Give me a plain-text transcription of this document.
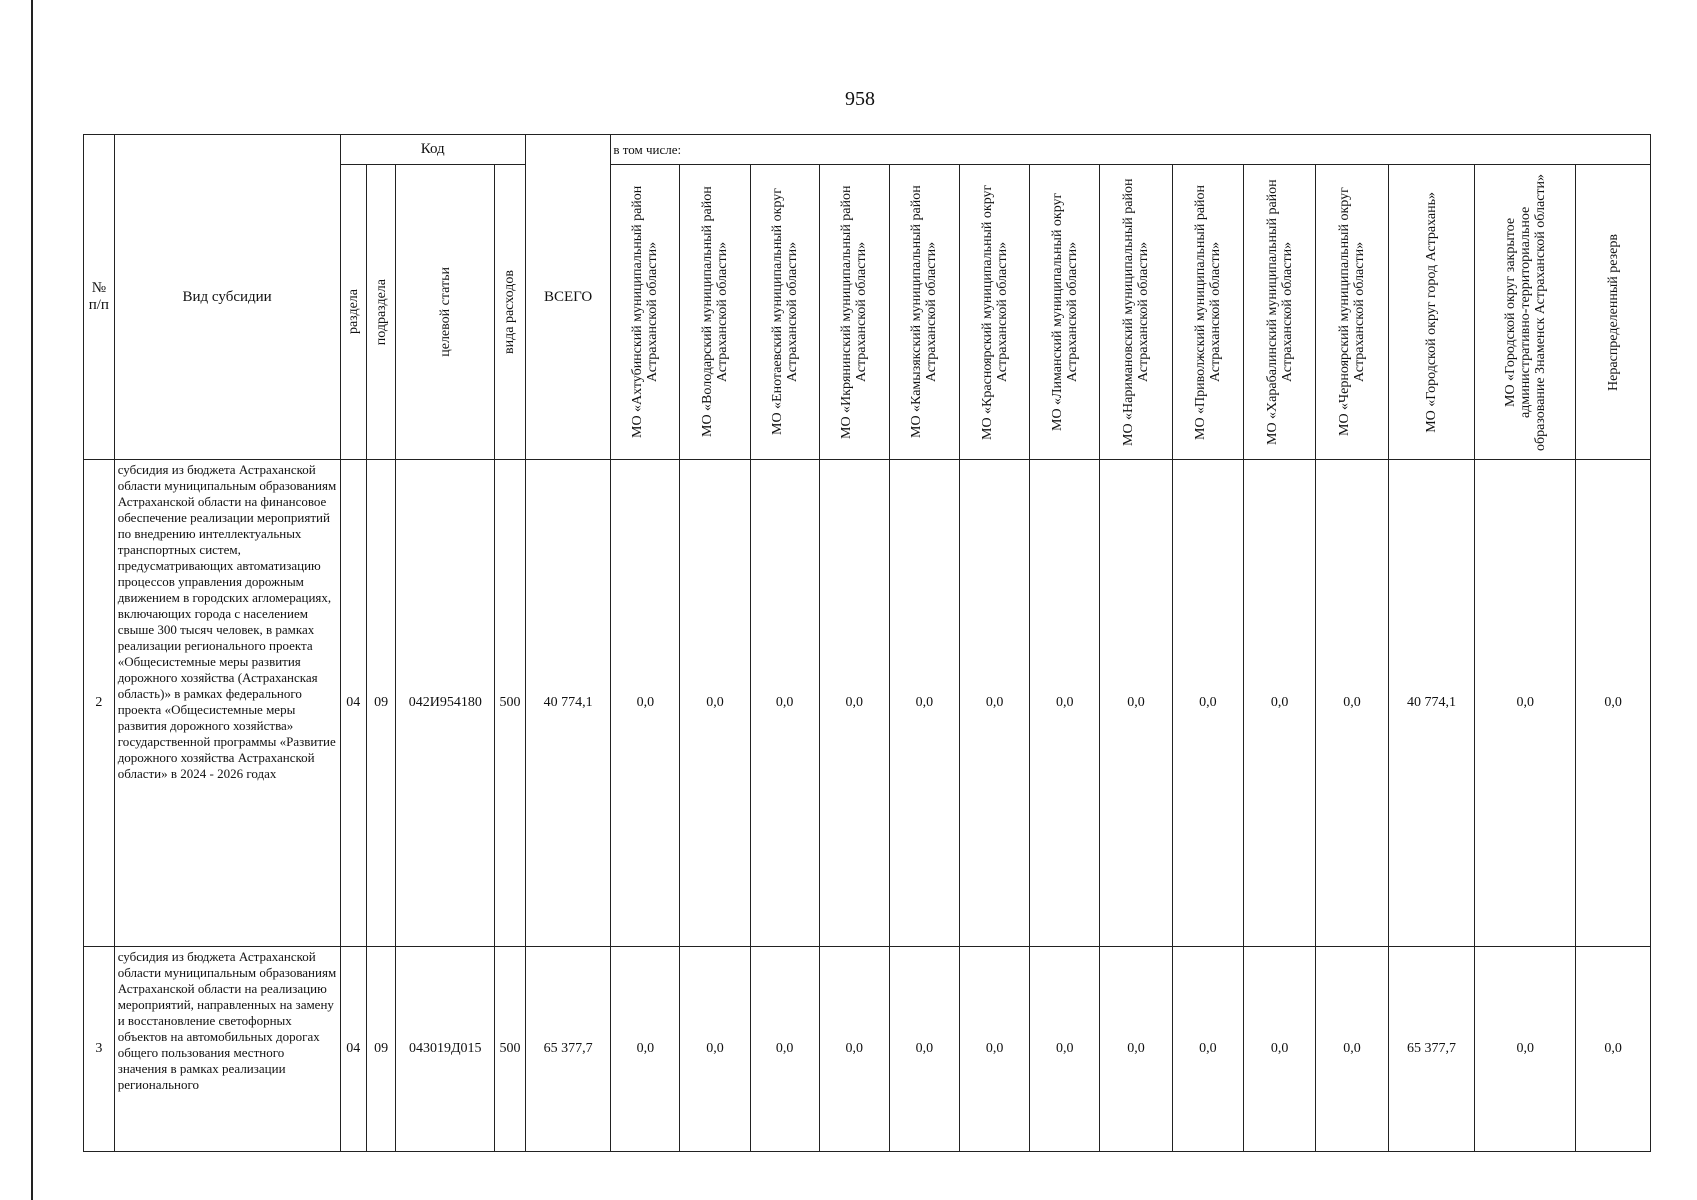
958
№ п/п	Вид субсидии	Код				ВСЕГО	в том числе:													

		раздела	подраздела	целевой статьи	вида расходов		МО «Ахтубинский муниципальный район Астраханской области»	МО «Володарский муниципальный район Астраханской области»	МО «Енотаевский муниципальный округ Астраханской области»	МО «Икрянинский муниципальный район Астраханской области»	МО «Камызякский муниципальный район Астраханской области»	МО «Красноярский муниципальный округ Астраханской области»	МО «Лиманский муниципальный округ Астраханской области»	МО «Наримановский муниципальный район Астраханской области»	МО «Приволжский муниципальный район Астраханской области»	МО «Харабалинский муниципальный район Астраханской области»	МО «Черноярский муниципальный округ Астраханской области»	МО «Городской округ город Астрахань»	МО «Городской округ закрытое административно-территориальное образование Знаменск Астраханской области»	Нераспределенный резерв

2	субсидия из бюджета Астраханской области муниципальным образованиям Астраханской области на финансовое обеспечение реализации мероприятий по внедрению интеллектуальных транспортных систем, предусматривающих автоматизацию процессов управления дорожным движением в городских агломерациях, включающих города с населением свыше 300 тысяч человек, в рамках реализации регионального проекта «Общесистемные меры развития дорожного хозяйства (Астраханская область)» в рамках федерального проекта «Общесистемные меры развития дорожного хозяйства» государственной программы «Развитие дорожного хозяйства Астраханской области» в 2024 - 2026 годах	04	09	042И954180	500	40 774,1	0,0	0,0	0,0	0,0	0,0	0,0	0,0	0,0	0,0	0,0	0,0	40 774,1	0,0	0,0
3	субсидия из бюджета Астраханской области муниципальным образованиям Астраханской области на реализацию мероприятий, направленных на замену и восстановление светофорных объектов на автомобильных дорогах общего пользования местного значения в рамках реализации регионального	04	09	043019Д015	500	65 377,7	0,0	0,0	0,0	0,0	0,0	0,0	0,0	0,0	0,0	0,0	0,0	65 377,7	0,0	0,0
